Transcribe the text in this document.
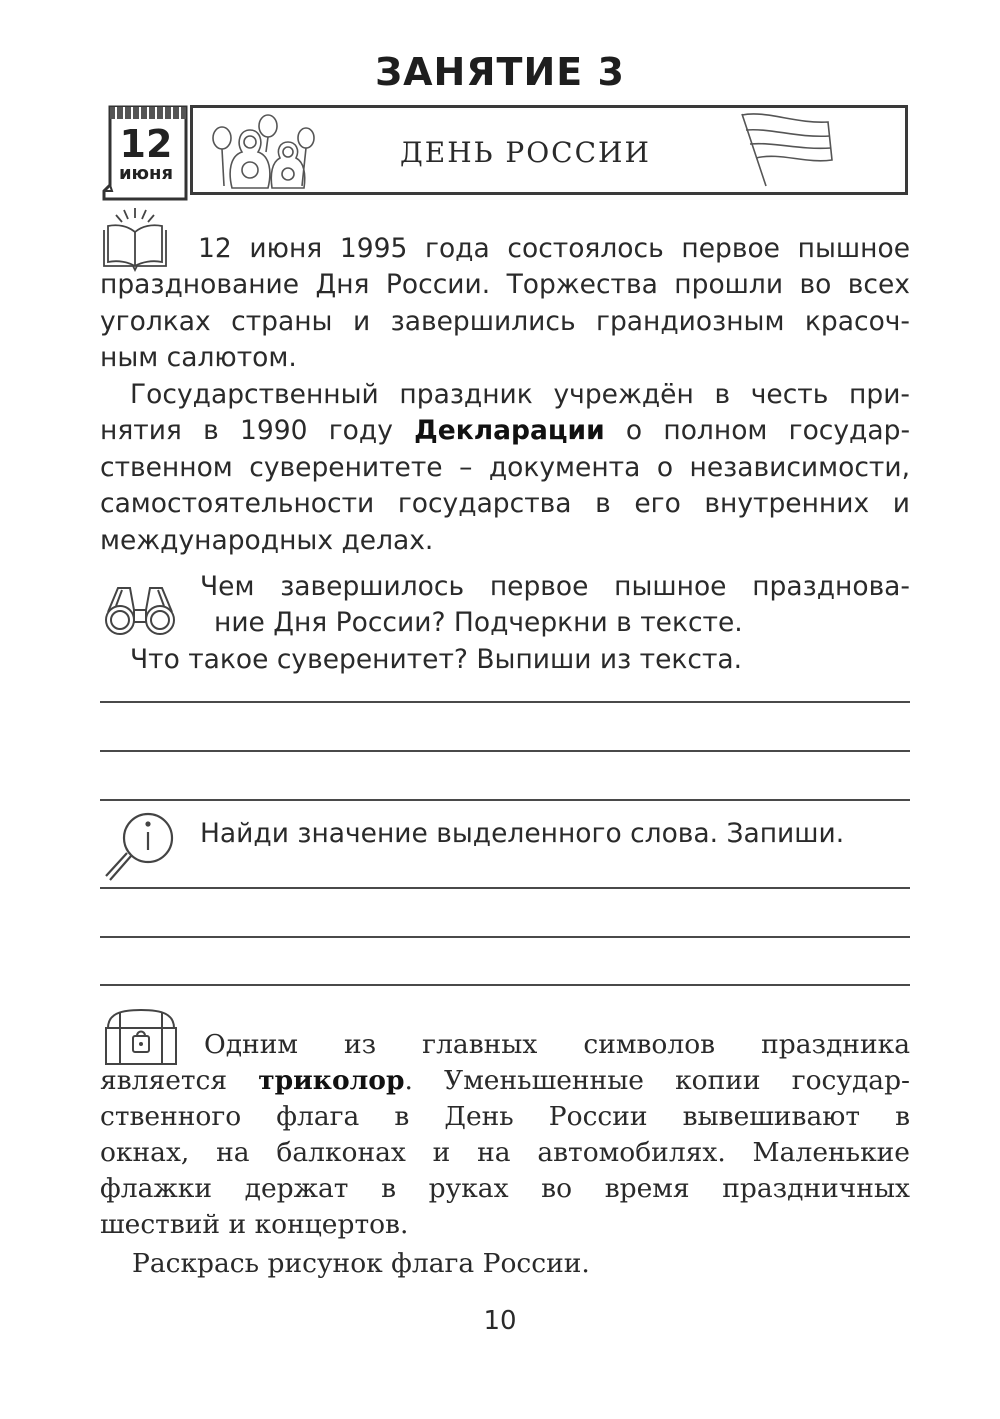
ЗАНЯТИЕ 3
12
июня
ДЕНЬ РОССИИ

12 июня 1995 года состоялось первое пышное

празднование Дня России. Торжества прошли во всех

уголках страны и завершились грандиозным красоч-

ным салютом.

Государственный праздник учреждён в честь при-

нятия в 1990 году Декларации о полном государ-

ственном суверенитете – документа о независимости,

самостоятельности государства в его внутренних и

международных делах.

Чем завершилось первое пышное празднова-

ние Дня России? Подчеркни в тексте.

Что такое суверенитет? Выпиши из текста.

Найди значение выделенного слова. Запиши.

Одним из главных символов праздника

является триколор. Уменьшенные копии государ-

ственного флага в День России вывешивают в

окнах, на балконах и на автомобилях. Маленькие

флажки держат в руках во время праздничных

шествий и концертов.

Раскрась рисунок флага России.

10
